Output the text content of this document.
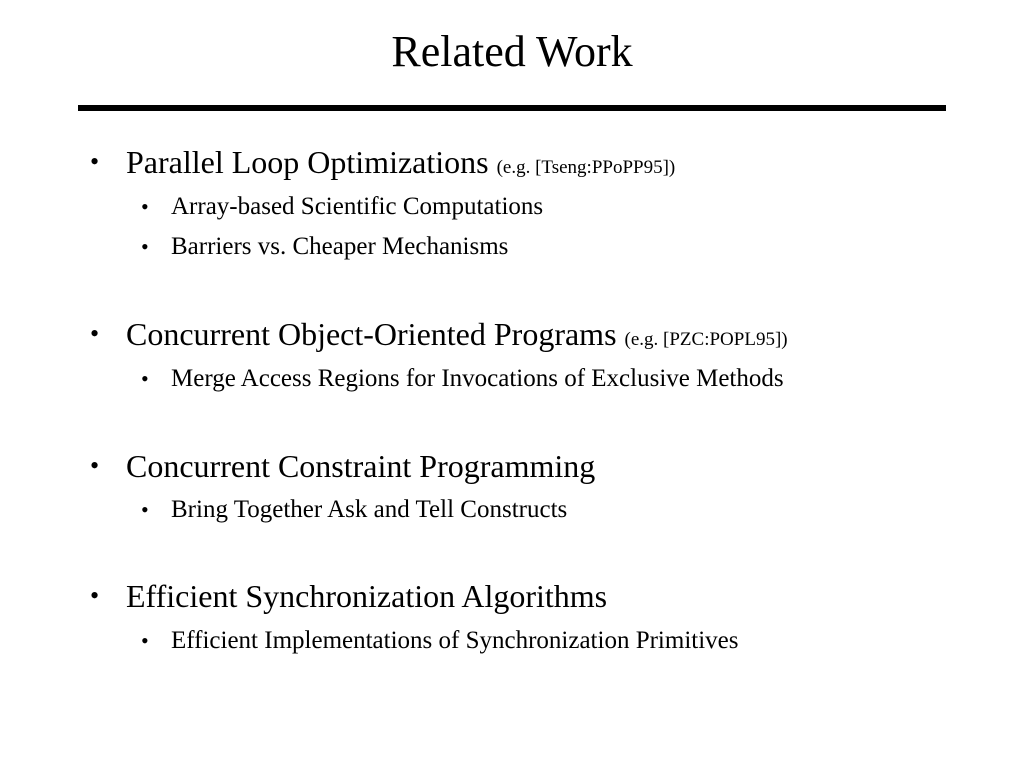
Related Work
• Parallel Loop Optimizations (e.g. [Tseng:PPoPP95])
• Array-based Scientific Computations
• Barriers vs. Cheaper Mechanisms
• Concurrent Object-Oriented Programs (e.g. [PZC:POPL95])
• Merge Access Regions for Invocations of Exclusive Methods
• Concurrent Constraint Programming
• Bring Together Ask and Tell Constructs
• Efficient Synchronization Algorithms
• Efficient Implementations of Synchronization Primitives
